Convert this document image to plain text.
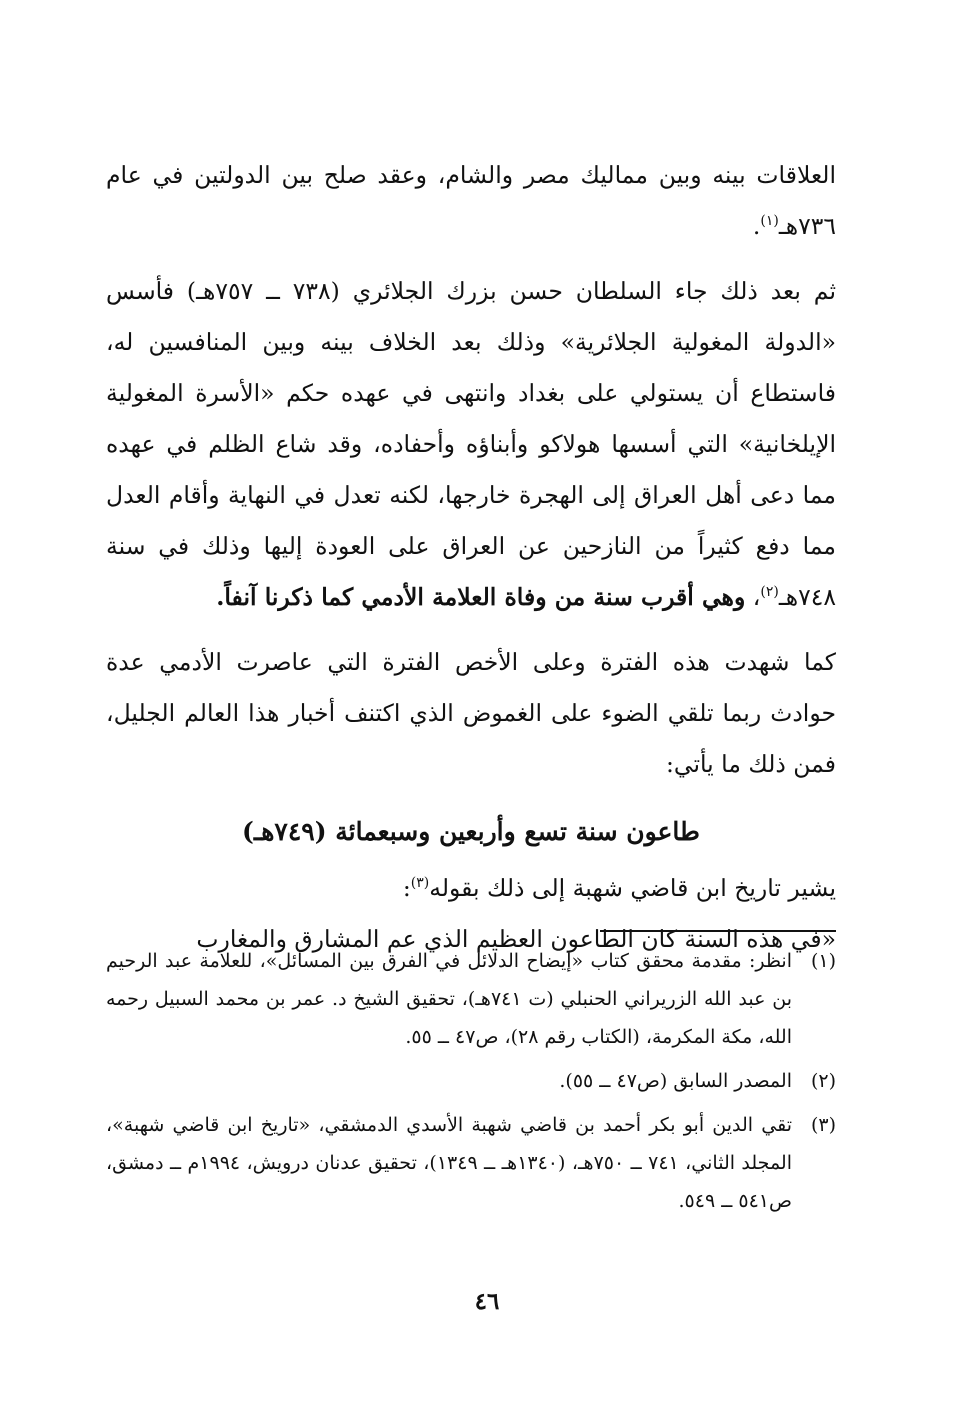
العلاقات بينه وبين مماليك مصر والشام، وعقد صلح بين الدولتين في عام ٧٣٦هـ$^{(١)}$.

ثم بعد ذلك جاء السلطان حسن بزرك الجلائري (٧٣٨ ــ ٧٥٧هـ) فأسس «الدولة المغولية الجلائرية» وذلك بعد الخلاف بينه وبين المنافسين له، فاستطاع أن يستولي على بغداد وانتهى في عهده حكم «الأسرة المغولية الإيلخانية» التي أسسها هولاكو وأبناؤه وأحفاده، وقد شاع الظلم في عهده مما دعى أهل العراق إلى الهجرة خارجها، لكنه تعدل في النهاية وأقام العدل مما دفع كثيراً من النازحين عن العراق على العودة إليها وذلك في سنة ٧٤٨هـ$^{(٢)}$، وهي أقرب سنة من وفاة العلامة الأدمي كما ذكرنا آنفاً.

كما شهدت هذه الفترة وعلى الأخص الفترة التي عاصرت الأدمي عدة حوادث ربما تلقي الضوء على الغموض الذي اكتنف أخبار هذا العالم الجليل، فمن ذلك ما يأتي:

طاعون سنة تسع وأربعين وسبعمائة (٧٤٩هـ)

يشير تاريخ ابن قاضي شهبة إلى ذلك بقوله$^{(٣)}$:

«في هذه السنة كان الطاعون العظيم الذي عم المشارق والمغارب

(١)
انظر: مقدمة محقق كتاب «إيضاح الدلائل في الفرق بين المسائل»، للعلامة عبد الرحيم بن عبد الله الزريراني الحنبلي (ت ٧٤١هـ)، تحقيق الشيخ د. عمر بن محمد السبيل رحمه الله، مكة المكرمة، (الكتاب رقم ٢٨)، ص٤٧ ــ ٥٥.
(٢)
المصدر السابق (ص٤٧ ــ ٥٥).
(٣)
تقي الدين أبو بكر أحمد بن قاضي شهبة الأسدي الدمشقي، «تاريخ ابن قاضي شهبة»، المجلد الثاني، ٧٤١ ــ ٧٥٠هـ، (١٣٤٠هـ ــ ١٣٤٩)، تحقيق عدنان درويش، ١٩٩٤م ــ دمشق، ص٥٤١ ــ ٥٤٩.
٤٦
